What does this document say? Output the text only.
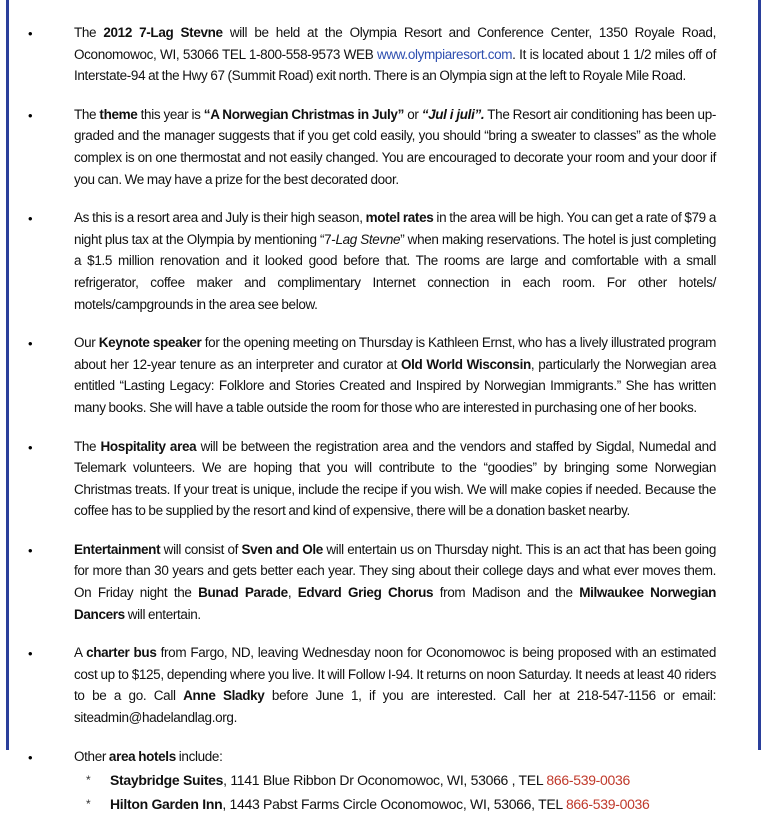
•	The 2012 7-Lag Stevne will be held at the Olympia Resort and Conference Center, 1350 Royale Road, Oconomowoc, WI, 53066 TEL 1-800-558-9573 WEB www.olympiaresort.com. It is located about 1 1/2 miles off of Interstate-94 at the Hwy 67 (Summit Road) exit north. There is an Olympia sign at the left to Royale Mile Road.
•	The theme this year is “A Norwegian Christmas in July” or “Jul i juli”. The Resort air conditioning has been up- graded and the manager suggests that if you get cold easily, you should “bring a sweater to classes” as the whole complex is on one thermostat and not easily changed. You are encouraged to decorate your room and your door if you can. We may have a prize for the best decorated door.
•	As this is a resort area and July is their high season, motel rates in the area will be high. You can get a rate of $79 a night plus tax at the Olympia by mentioning “7-Lag Stevne” when making reservations. The hotel is just completing a $1.5 million renovation and it looked good before that. The rooms are large and comfortable with a small refrigerator, coffee maker and complimentary Internet connection in each room. For other hotels/ motels/campgrounds in the area see below.
•	Our Keynote speaker for the opening meeting on Thursday is Kathleen Ernst, who has a lively illustrated program about her 12-year tenure as an interpreter and curator at Old World Wisconsin, particularly the Norwegian area entitled “Lasting Legacy: Folklore and Stories Created and Inspired by Norwegian Immigrants.” She has written many books. She will have a table outside the room for those who are interested in purchasing one of her books.
•	The Hospitality area will be between the registration area and the vendors and staffed by Sigdal, Numedal and Telemark volunteers. We are hoping that you will contribute to the “goodies” by bringing some Norwegian Christmas treats. If your treat is unique, include the recipe if you wish. We will make copies if needed. Because the coffee has to be supplied by the resort and kind of expensive, there will be a donation basket nearby.
•	Entertainment will consist of Sven and Ole will entertain us on Thursday night. This is an act that has been going for more than 30 years and gets better each year. They sing about their college days and what ever moves them. On Friday night the Bunad Parade, Edvard Grieg Chorus from Madison and the Milwaukee Norwegian Dancers will entertain.
•	A charter bus from Fargo, ND, leaving Wednesday noon for Oconomowoc is being proposed with an estimated cost up to $125, depending where you live. It will Follow I-94. It returns on noon Saturday. It needs at least 40 riders to be a go. Call Anne Sladky before June 1, if you are interested. Call her at 218-547-1156 or email: siteadmin@hadelandlag.org.
•	Other area hotels include:
* Staybridge Suites, 1141 Blue Ribbon Dr Oconomowoc, WI, 53066 , TEL 866-539-0036
* Hilton Garden Inn, 1443 Pabst Farms Circle Oconomowoc, WI, 53066, TEL 866-539-0036
